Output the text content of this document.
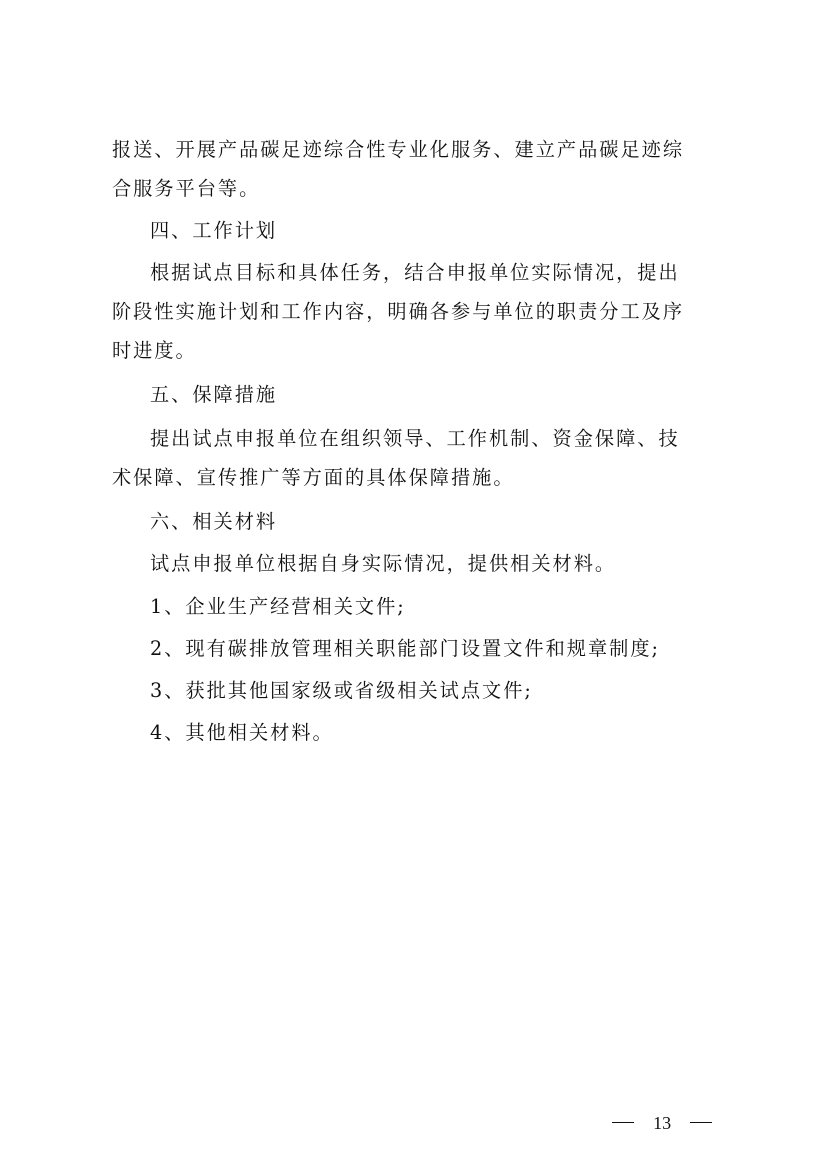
报送、开展产品碳足迹综合性专业化服务、建立产品碳足迹综
合服务平台等。
四、工作计划
根据试点目标和具体任务，结合申报单位实际情况，提出
阶段性实施计划和工作内容，明确各参与单位的职责分工及序
时进度。
五、保障措施
提出试点申报单位在组织领导、工作机制、资金保障、技
术保障、宣传推广等方面的具体保障措施。
六、相关材料
试点申报单位根据自身实际情况，提供相关材料。
1、企业生产经营相关文件;
2、现有碳排放管理相关职能部门设置文件和规章制度;
3、获批其他国家级或省级相关试点文件;
4、其他相关材料。
13
